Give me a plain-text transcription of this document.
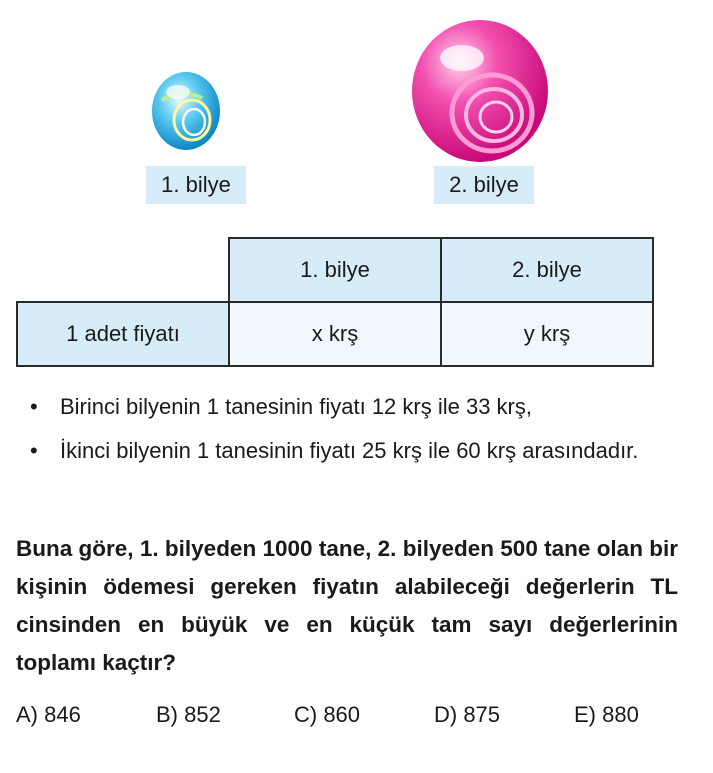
1. bilye	2. bilye
	1. bilye	2. bilye
1 adet fiyatı	x krş	y krş
• Birinci bilyenin 1 tanesinin fiyatı 12 krş ile 33 krş,
• İkinci bilyenin 1 tanesinin fiyatı 25 krş ile 60 krş arasındadır.
Buna göre, 1. bilyeden 1000 tane, 2. bilyeden 500 tane olan bir kişinin ödemesi gereken fiyatın alabileceği değerlerin TL cinsinden en büyük ve en küçük tam sayı değerlerinin toplamı kaçtır?
A) 846	B) 852	C) 860	D) 875	E) 880
